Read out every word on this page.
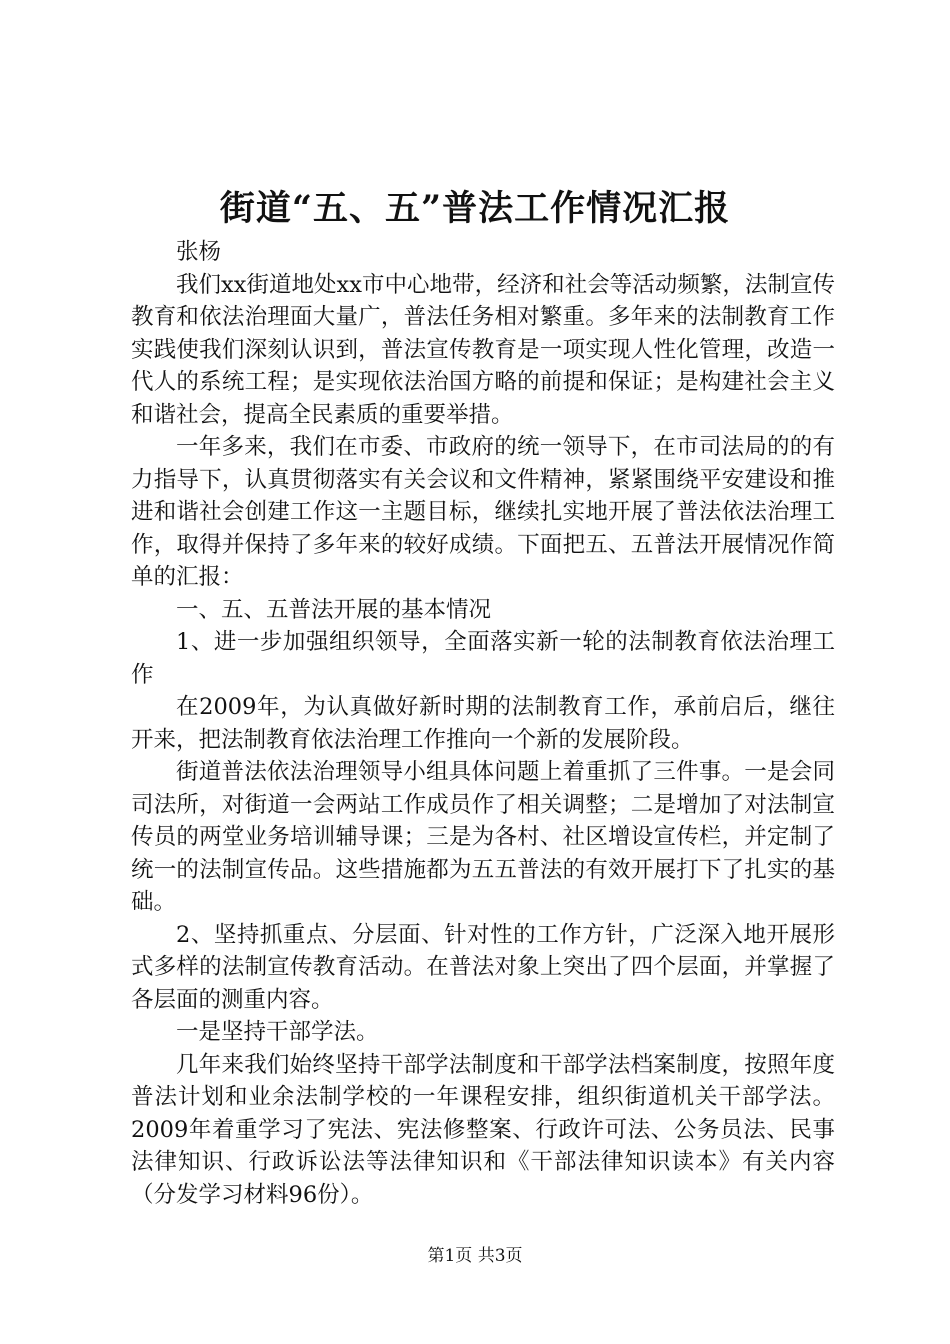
街道“五、五”普法工作情况汇报

张杨

我们xx街道地处xx市中心地带，经济和社会等活动频繁，法制宣传教育和依法治理面大量广，普法任务相对繁重。多年来的法制教育工作实践使我们深刻认识到，普法宣传教育是一项实现人性化管理，改造一代人的系统工程；是实现依法治国方略的前提和保证；是构建社会主义和谐社会，提高全民素质的重要举措。

一年多来，我们在市委、市政府的统一领导下，在市司法局的的有力指导下，认真贯彻落实有关会议和文件精神，紧紧围绕平安建设和推进和谐社会创建工作这一主题目标，继续扎实地开展了普法依法治理工作，取得并保持了多年来的较好成绩。下面把五、五普法开展情况作简单的汇报：

一、五、五普法开展的基本情况

1、进一步加强组织领导，全面落实新一轮的法制教育依法治理工作

在2009年，为认真做好新时期的法制教育工作，承前启后，继往开来，把法制教育依法治理工作推向一个新的发展阶段。

街道普法依法治理领导小组具体问题上着重抓了三件事。一是会同司法所，对街道一会两站工作成员作了相关调整；二是增加了对法制宣传员的两堂业务培训辅导课；三是为各村、社区增设宣传栏，并定制了统一的法制宣传品。这些措施都为五五普法的有效开展打下了扎实的基础。

2、坚持抓重点、分层面、针对性的工作方针，广泛深入地开展形式多样的法制宣传教育活动。在普法对象上突出了四个层面，并掌握了各层面的测重内容。

一是坚持干部学法。

几年来我们始终坚持干部学法制度和干部学法档案制度，按照年度普法计划和业余法制学校的一年课程安排，组织街道机关干部学法。2009年着重学习了宪法、宪法修整案、行政许可法、公务员法、民事法律知识、行政诉讼法等法律知识和《干部法律知识读本》有关内容（分发学习材料96份）。

第1页 共3页
